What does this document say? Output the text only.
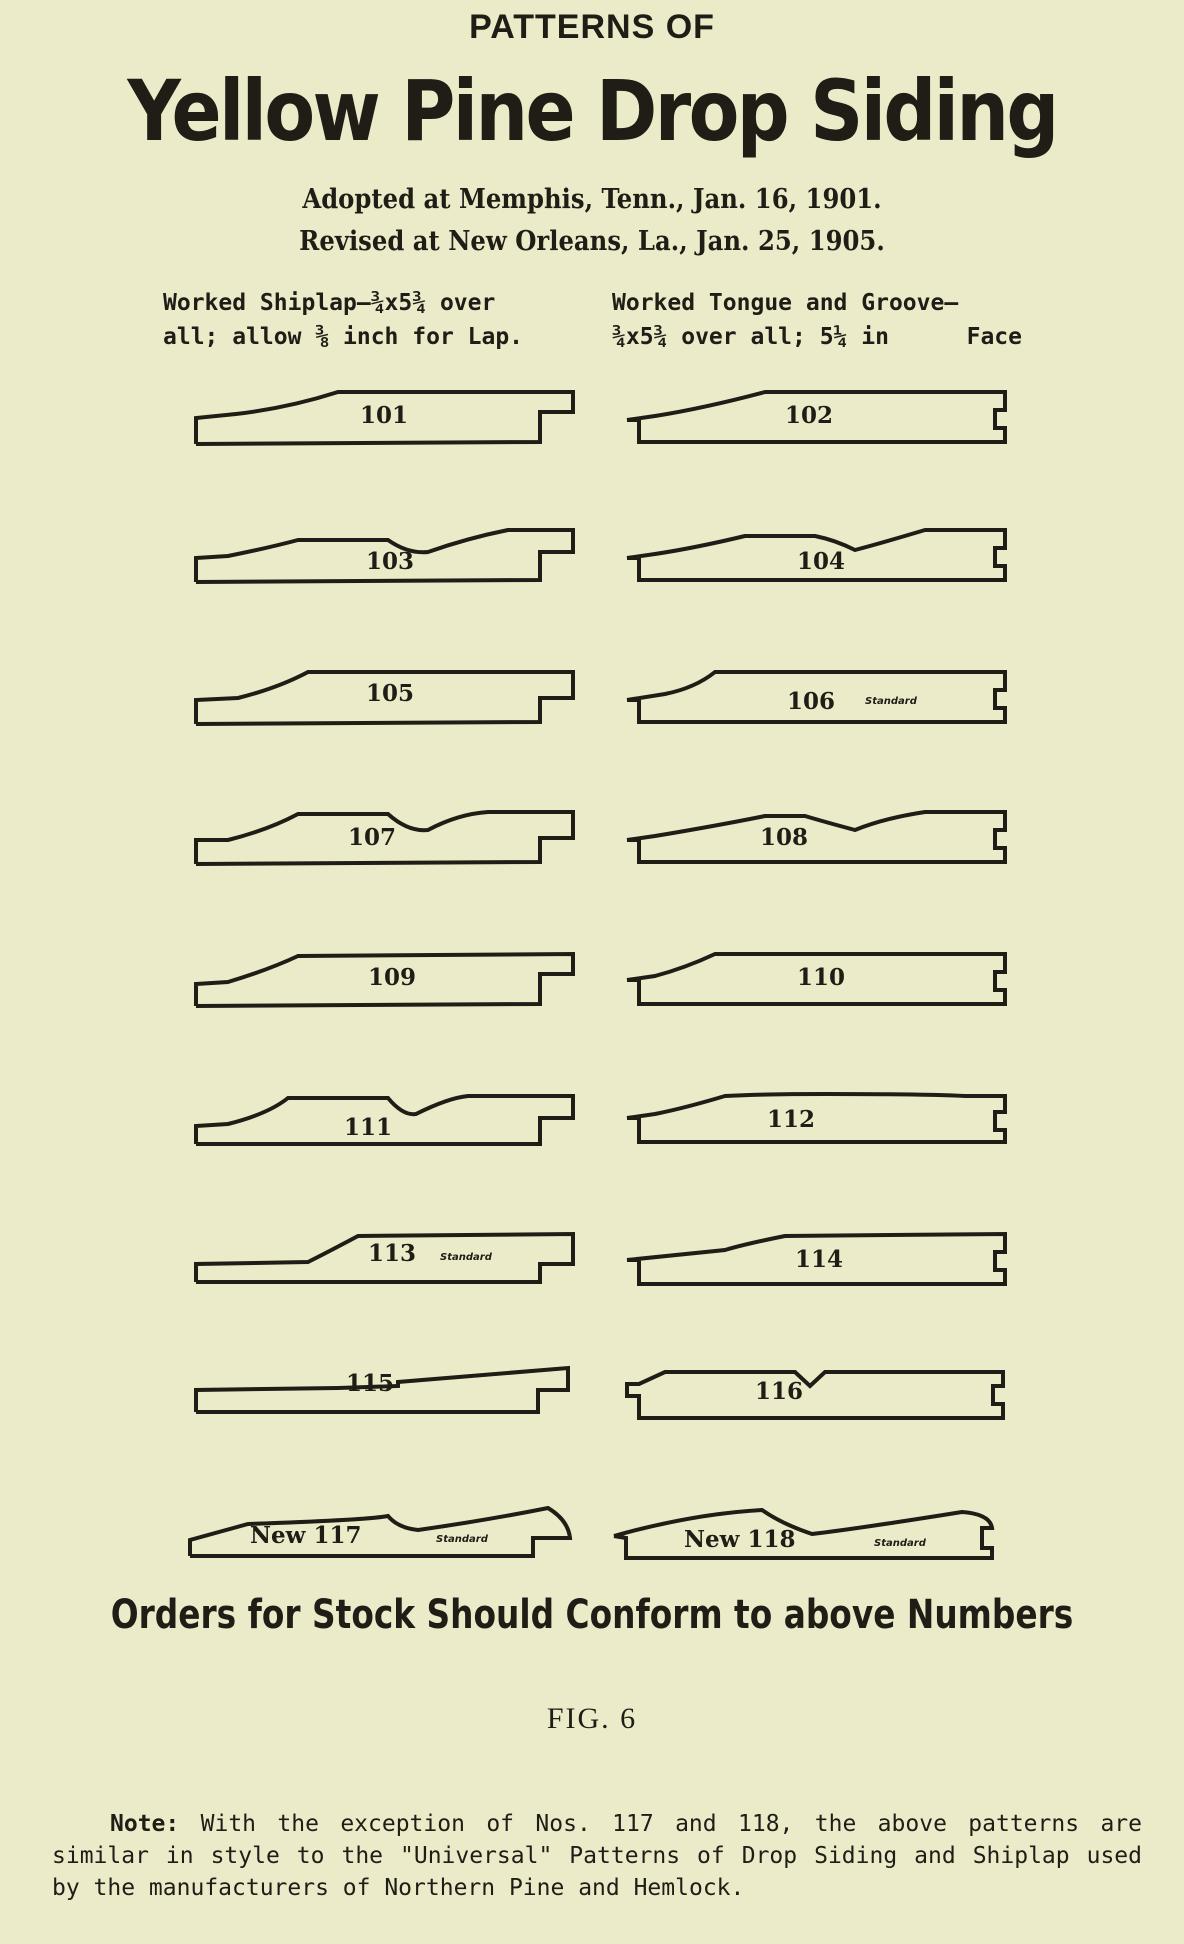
PATTERNS OF
Yellow Pine Drop Siding
Adopted at Memphis, Tenn., Jan. 16, 1901.
Revised at New Orleans, La., Jan. 25, 1905.
Worked Shiplap—¾x5¾ over
all; allow ⅜ inch for Lap.
Worked Tongue and Groove—
¾x5¾ over all; 5¼ in	Face
101	102
103	104
105	106	Standard
107	108
109	110
111	112
113 Standard	114
115	116
New 117	Standard	New 118	Standard
Orders for Stock Should Conform to above Numbers
FIG. 6
Note: With the exception of Nos. 117 and 118, the above patterns are similar in style to the "Universal" Patterns of Drop Siding and Shiplap used by the manufacturers of Northern Pine and Hemlock.
